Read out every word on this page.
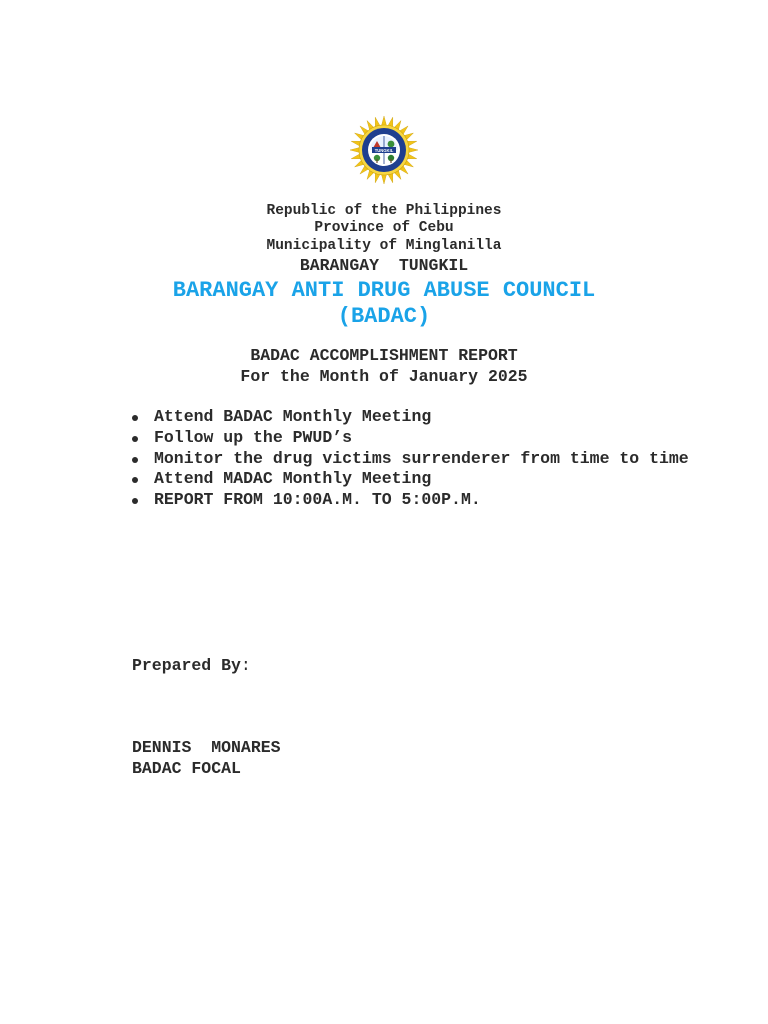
TUNGKIL
Republic of the Philippines
Province of Cebu
Municipality of Minglanilla
BARANGAY  TUNGKIL
BARANGAY ANTI DRUG ABUSE COUNCIL
(BADAC)
BADAC ACCOMPLISHMENT REPORT
For the Month of January 2025
Attend BADAC Monthly Meeting
Follow up the PWUD’s
Monitor the drug victims surrenderer from time to time
Attend MADAC Monthly Meeting
REPORT FROM 10:00A.M. TO 5:00P.M.
Prepared By:
DENNIS  MONARES
BADAC FOCAL
